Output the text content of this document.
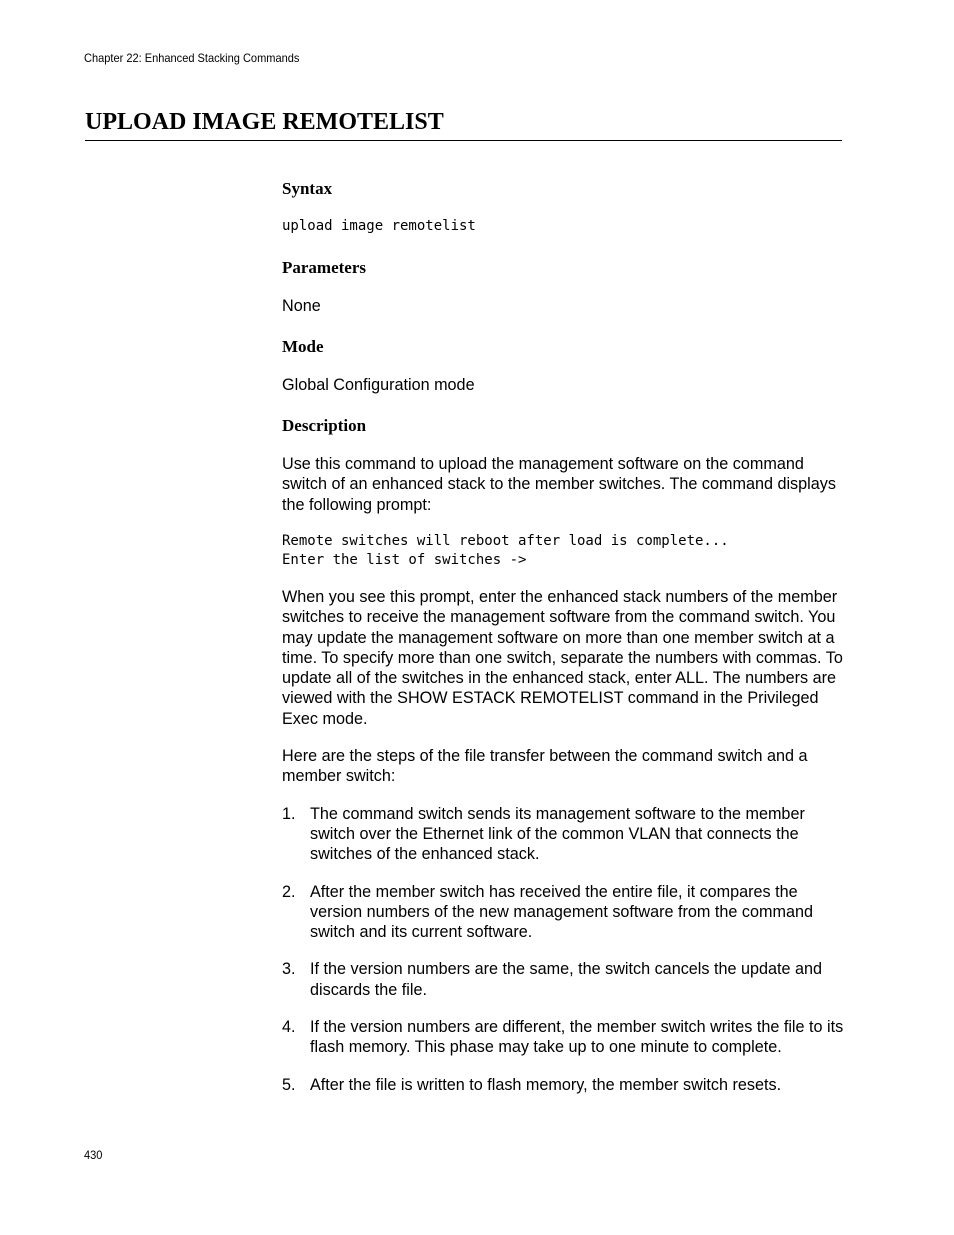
Chapter 22: Enhanced Stacking Commands
UPLOAD IMAGE REMOTELIST
Syntax

upload image remotelist

Parameters

None

Mode

Global Configuration mode

Description

Use this command to upload the management software on the command switch of an enhanced stack to the member switches. The command displays the following prompt:

Remote switches will reboot after load is complete...

Enter the list of switches ->

When you see this prompt, enter the enhanced stack numbers of the member switches to receive the management software from the command switch. You may update the management software on more than one member switch at a time. To specify more than one switch, separate the numbers with commas. To update all of the switches in the enhanced stack, enter ALL. The numbers are viewed with the SHOW ESTACK REMOTELIST command in the Privileged Exec mode.

Here are the steps of the file transfer between the command switch and a member switch:

1. The command switch sends its management software to the member switch over the Ethernet link of the common VLAN that connects the switches of the enhanced stack.
2. After the member switch has received the entire file, it compares the version numbers of the new management software from the command switch and its current software.
3. If the version numbers are the same, the switch cancels the update and discards the file.
4. If the version numbers are different, the member switch writes the file to its flash memory. This phase may take up to one minute to complete.
5. After the file is written to flash memory, the member switch resets.
430
